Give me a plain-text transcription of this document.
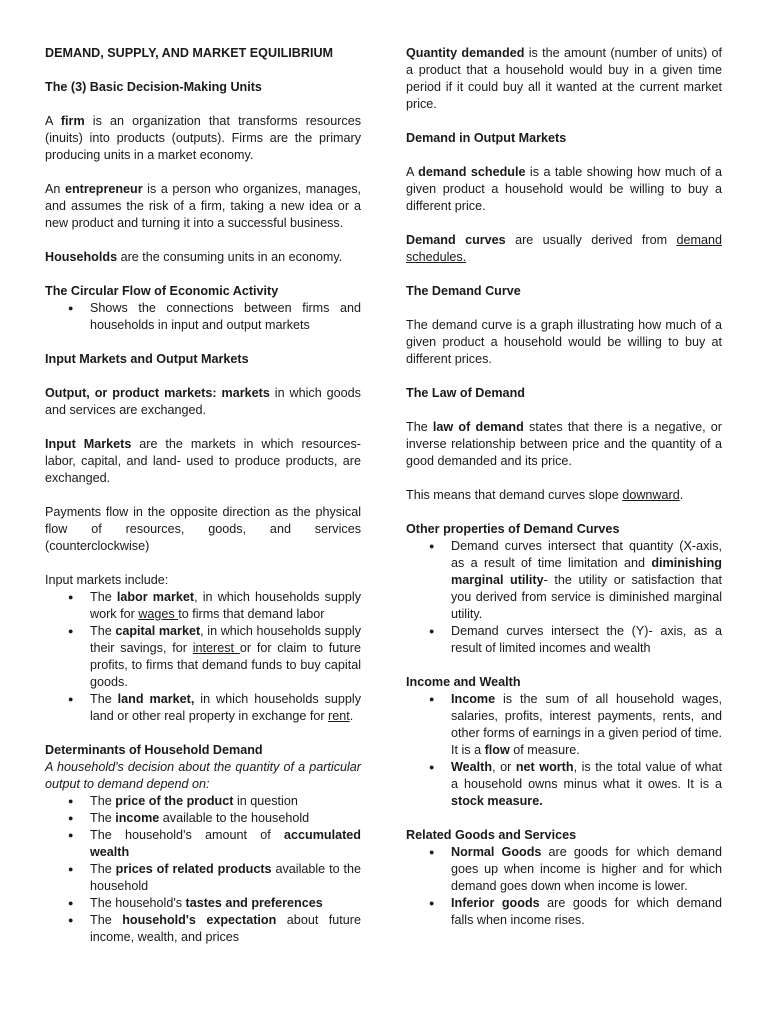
DEMAND, SUPPLY, AND MARKET EQUILIBRIUM
The (3) Basic Decision-Making Units

A firm is an organization that transforms resources (inuits) into products (outputs). Firms are the primary producing units in a market economy.

An entrepreneur is a person who organizes, manages, and assumes the risk of a firm, taking a new idea or a new product and turning it into a successful business.

Households are the consuming units in an economy.

The Circular Flow of Economic Activity
● Shows the connections between firms and households in input and output markets
Input Markets and Output Markets

Output, or product markets: markets in which goods and services are exchanged.

Input Markets are the markets in which resources- labor, capital, and land- used to produce products, are exchanged.

Payments flow in the opposite direction as the physical flow of resources, goods, and services (counterclockwise)

Input markets include:

● The labor market, in which households supply work for wages to firms that demand labor
● The capital market, in which households supply their savings, for interest or for claim to future profits, to firms that demand funds to buy capital goods.
● The land market, in which households supply land or other real property in exchange for rent.
Determinants of Household Demand

A household's decision about the quantity of a particular output to demand depend on:

● The price of the product in question
● The income available to the household
● The household's amount of accumulated wealth
● The prices of related products available to the household
● The household's tastes and preferences
● The household's expectation about future income, wealth, and prices

Quantity demanded is the amount (number of units) of a product that a household would buy in a given time period if it could buy all it wanted at the current market price.

Demand in Output Markets

A demand schedule is a table showing how much of a given product a household would be willing to buy a different price.

Demand curves are usually derived from demand schedules.

The Demand Curve

The demand curve is a graph illustrating how much of a given product a household would be willing to buy at different prices.

The Law of Demand

The law of demand states that there is a negative, or inverse relationship between price and the quantity of a good demanded and its price.

This means that demand curves slope downward.

Other properties of Demand Curves
● Demand curves intersect that quantity (X-axis, as a result of time limitation and diminishing marginal utility- the utility or satisfaction that you derived from service is diminished marginal utility.
● Demand curves intersect the (Y)- axis, as a result of limited incomes and wealth
Income and Wealth
● Income is the sum of all household wages, salaries, profits, interest payments, rents, and other forms of earnings in a given period of time. It is a flow of measure.
● Wealth, or net worth, is the total value of what a household owns minus what it owes. It is a stock measure.
Related Goods and Services
● Normal Goods are goods for which demand goes up when income is higher and for which demand goes down when income is lower.
● Inferior goods are goods for which demand falls when income rises.
